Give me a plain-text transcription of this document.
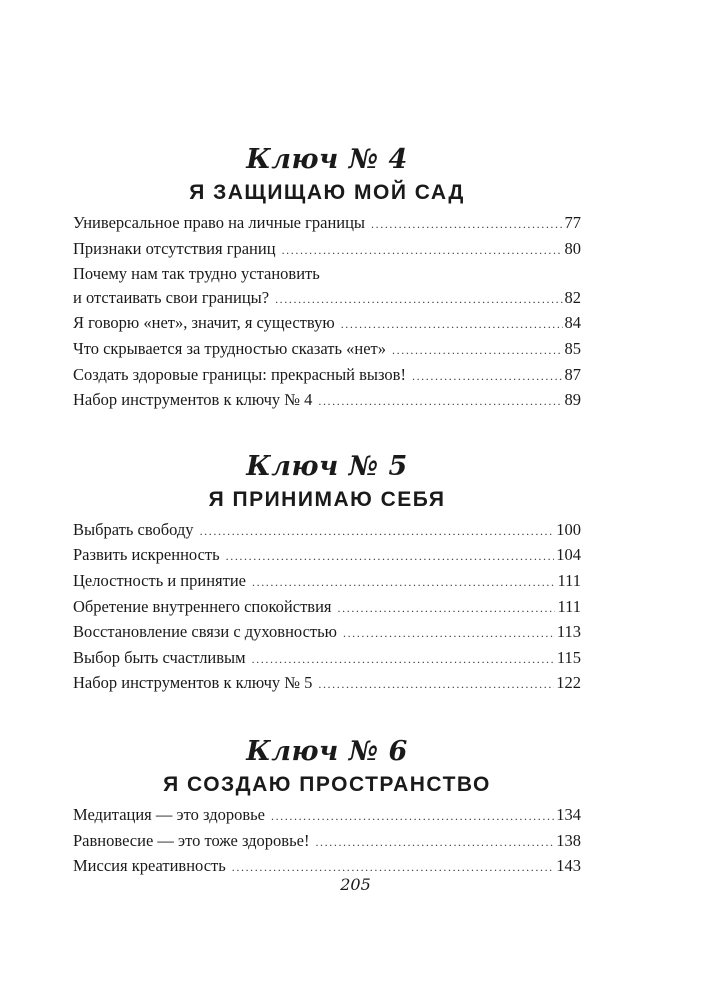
Ключ № 4
Я ЗАЩИЩАЮ МОЙ САД
Универсальное право на личные границы .....	77
Признаки отсутствия границ .....	80
Почему нам так трудно установить
и отстаивать свои границы? .....	82
Я говорю «нет», значит, я существую .....	84
Что скрывается за трудностью сказать «нет» .....	85
Создать здоровые границы: прекрасный вызов! .....	87
Набор инструментов к ключу № 4 .....	89
Ключ № 5
Я ПРИНИМАЮ СЕБЯ
Выбрать свободу .....	100
Развить искренность .....	104
Целостность и принятие .....	111
Обретение внутреннего спокойствия .....	111
Восстановление связи с духовностью .....	113
Выбор быть счастливым .....	115
Набор инструментов к ключу № 5 .....	122
Ключ № 6
Я СОЗДАЮ ПРОСТРАНСТВО
Медитация — это здоровье .....	134
Равновесие — это тоже здоровье! .....	138
Миссия креативность .....	143
205
